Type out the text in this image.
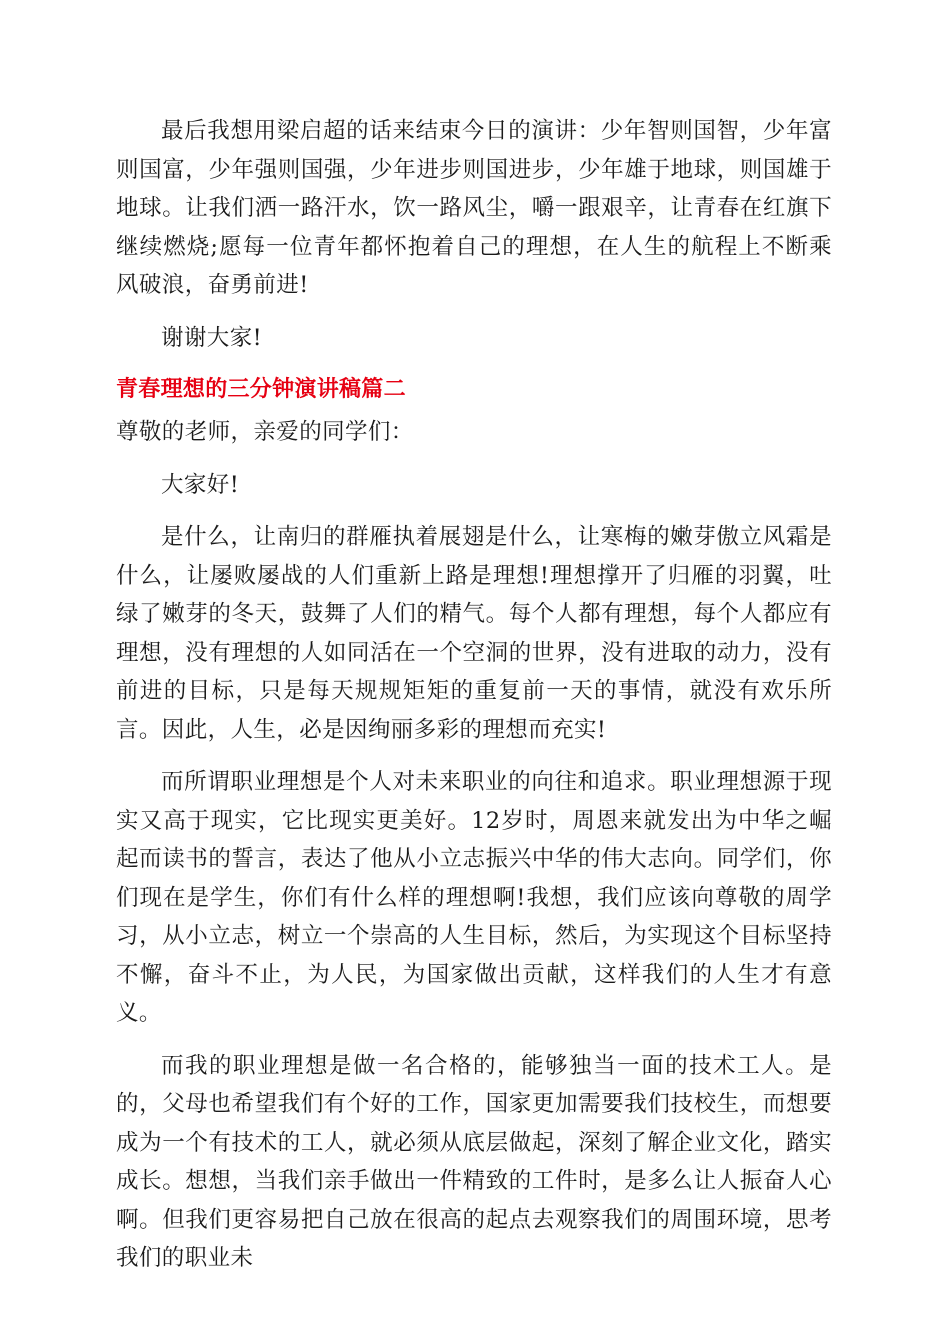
最后我想用梁启超的话来结束今日的演讲：少年智则国智，少年富则国富，少年强则国强，少年进步则国进步，少年雄于地球，则国雄于地球。让我们洒一路汗水，饮一路风尘，嚼一跟艰辛，让青春在红旗下继续燃烧;愿每一位青年都怀抱着自己的理想，在人生的航程上不断乘风破浪，奋勇前进!

谢谢大家!

青春理想的三分钟演讲稿篇二

尊敬的老师，亲爱的同学们：

大家好!

是什么，让南归的群雁执着展翅是什么，让寒梅的嫩芽傲立风霜是什么，让屡败屡战的人们重新上路是理想!理想撑开了归雁的羽翼，吐绿了嫩芽的冬天，鼓舞了人们的精气。每个人都有理想，每个人都应有理想，没有理想的人如同活在一个空洞的世界，没有进取的动力，没有前进的目标，只是每天规规矩矩的重复前一天的事情，就没有欢乐所言。因此，人生，必是因绚丽多彩的理想而充实!

而所谓职业理想是个人对未来职业的向往和追求。职业理想源于现实又高于现实，它比现实更美好。12岁时，周恩来就发出为中华之崛起而读书的誓言，表达了他从小立志振兴中华的伟大志向。同学们，你们现在是学生，你们有什么样的理想啊!我想，我们应该向尊敬的周学习，从小立志，树立一个崇高的人生目标，然后，为实现这个目标坚持不懈，奋斗不止，为人民，为国家做出贡献，这样我们的人生才有意义。

而我的职业理想是做一名合格的，能够独当一面的技术工人。是的，父母也希望我们有个好的工作，国家更加需要我们技校生，而想要成为一个有技术的工人，就必须从底层做起，深刻了解企业文化，踏实成长。想想，当我们亲手做出一件精致的工件时，是多么让人振奋人心啊。但我们更容易把自己放在很高的起点去观察我们的周围环境，思考我们的职业未
